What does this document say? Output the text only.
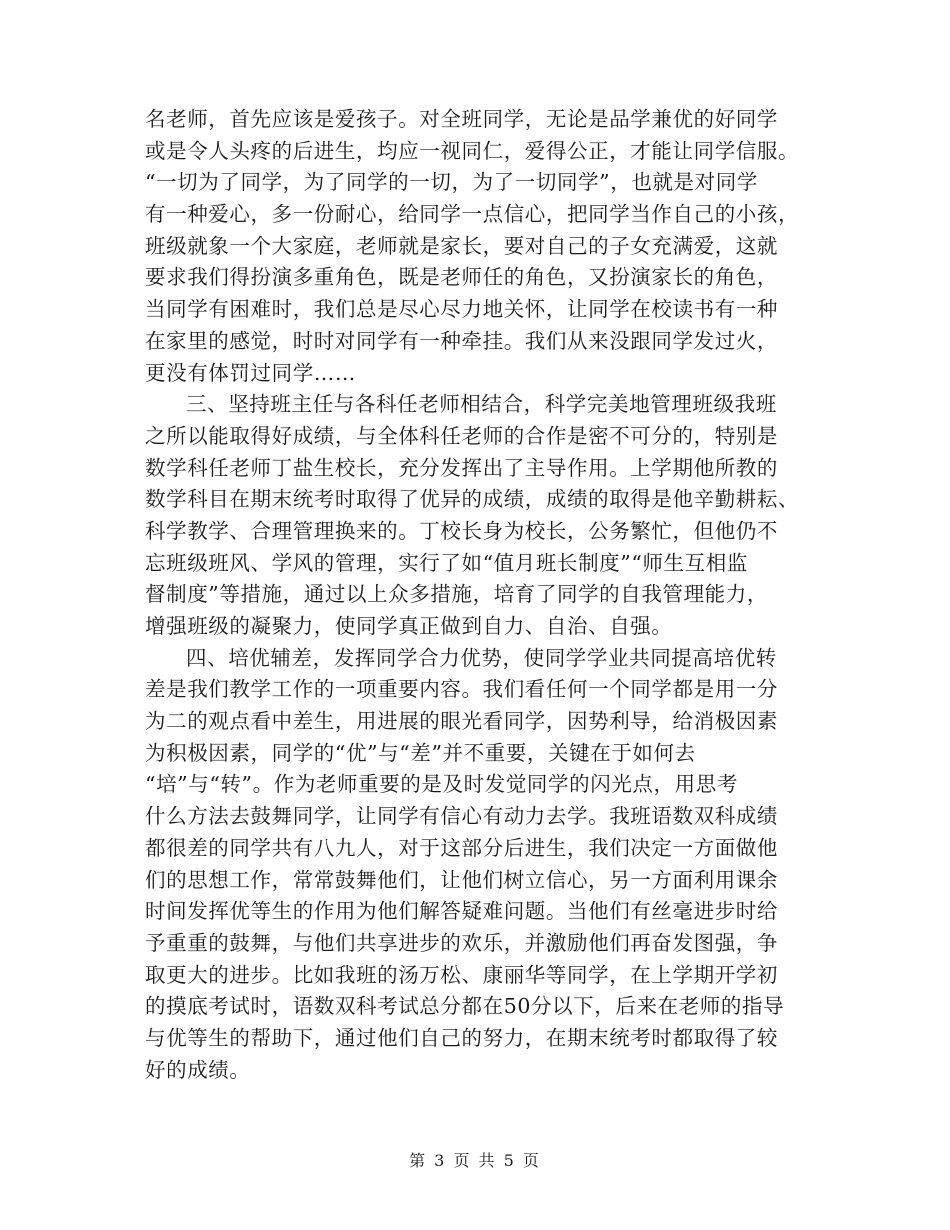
名老师，首先应该是爱孩子。对全班同学，无论是品学兼优的好同学
或是令人头疼的后进生，均应一视同仁，爱得公正，才能让同学信服。
“一切为了同学，为了同学的一切，为了一切同学”，也就是对同学
有一种爱心，多一份耐心，给同学一点信心，把同学当作自己的小孩，
班级就象一个大家庭，老师就是家长，要对自己的子女充满爱，这就
要求我们得扮演多重角色，既是老师任的角色，又扮演家长的角色，
当同学有困难时，我们总是尽心尽力地关怀，让同学在校读书有一种
在家里的感觉，时时对同学有一种牵挂。我们从来没跟同学发过火，
更没有体罚过同学……
三、坚持班主任与各科任老师相结合，科学完美地管理班级我班
之所以能取得好成绩，与全体科任老师的合作是密不可分的，特别是
数学科任老师丁盐生校长，充分发挥出了主导作用。上学期他所教的
数学科目在期末统考时取得了优异的成绩，成绩的取得是他辛勤耕耘、
科学教学、合理管理换来的。丁校长身为校长，公务繁忙，但他仍不
忘班级班风、学风的管理，实行了如“值月班长制度”“师生互相监
督制度”等措施，通过以上众多措施，培育了同学的自我管理能力，
增强班级的凝聚力，使同学真正做到自力、自治、自强。
四、培优辅差，发挥同学合力优势，使同学学业共同提高培优转
差是我们教学工作的一项重要内容。我们看任何一个同学都是用一分
为二的观点看中差生，用进展的眼光看同学，因势利导，给消极因素
为积极因素，同学的“优”与“差”并不重要，关键在于如何去
“培”与“转”。作为老师重要的是及时发觉同学的闪光点，用思考
什么方法去鼓舞同学，让同学有信心有动力去学。我班语数双科成绩
都很差的同学共有八九人，对于这部分后进生，我们决定一方面做他
们的思想工作，常常鼓舞他们，让他们树立信心，另一方面利用课余
时间发挥优等生的作用为他们解答疑难问题。当他们有丝毫进步时给
予重重的鼓舞，与他们共享进步的欢乐，并激励他们再奋发图强，争
取更大的进步。比如我班的汤万松、康丽华等同学，在上学期开学初
的摸底考试时，语数双科考试总分都在50分以下，后来在老师的指导
与优等生的帮助下，通过他们自己的努力，在期末统考时都取得了较
好的成绩。
第 3 页 共 5 页
